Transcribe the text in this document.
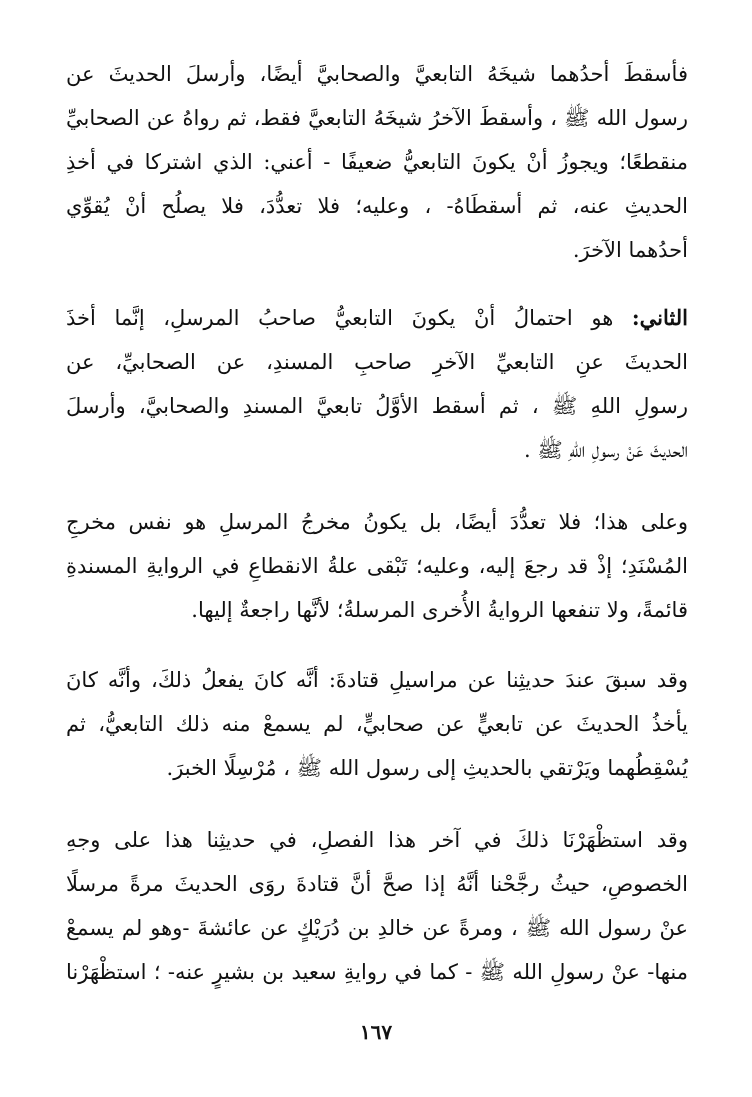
فأسقطَ أحدُهما شيخَهُ التابعيَّ والصحابيَّ أيضًا، وأرسلَ الحديثَ عن
رسول الله ﷺ ، وأسقطَ الآخرُ شيخَهُ التابعيَّ فقط، ثم رواهُ عن الصحابيِّ
منقطعًا؛ ويجوزُ أنْ يكونَ التابعيُّ ضعيفًا - أعني: الذي اشتركا في أخذِ
الحديثِ عنه، ثم أسقطَاهُ- ، وعليه؛ فلا تعدُّدَ، فلا يصلُح أنْ يُقوِّي
أحدُهما الآخرَ.
الثاني: هو احتمالُ أنْ يكونَ التابعيُّ صاحبُ المرسلِ، إنَّما أخذَ
الحديثَ عنِ التابعيِّ الآخرِ صاحبِ المسندِ، عن الصحابيِّ، عن
رسولِ اللهِ ﷺ ، ثم أسقط الأوَّلُ تابعيَّ المسندِ والصحابيَّ، وأرسلَ
الحديثَ عَنْ رسولِ اللهِ ﷺ .
وعلى هذا؛ فلا تعدُّدَ أيضًا، بل يكونُ مخرجُ المرسلِ هو نفس مخرجِ
المُسْنَدِ؛ إذْ قد رجعَ إليه، وعليه؛ تَبْقى علةُ الانقطاعِ في الروايةِ المسندةِ
قائمةً، ولا تنفعها الروايةُ الأُخرى المرسلةُ؛ لأنَّها راجعةٌ إليها.
وقد سبقَ عندَ حديثِنا عن مراسيلِ قتادةَ: أنَّه كانَ يفعلُ ذلكَ، وأنَّه كانَ
يأخذُ الحديثَ عن تابعيٍّ عن صحابيٍّ، لم يسمعْ منه ذلك التابعيُّ، ثم
يُسْقِطُهما ويَرْتقي بالحديثِ إلى رسول الله ﷺ ، مُرْسِلًا الخبرَ.
وقد استظْهَرْنَا ذلكَ في آخر هذا الفصلِ، في حديثِنا هذا على وجهِ
الخصوصِ، حيثُ رجَّحْنا أنَّهُ إذا صحَّ أنَّ قتادةَ روَى الحديثَ مرةً مرسلًا
عنْ رسول الله ﷺ ، ومرةً عن خالدِ بن دُرَيْكٍ عن عائشةَ -وهو لم يسمعْ
منها- عنْ رسولِ الله ﷺ - كما في روايةِ سعيد بن بشيرٍ عنه- ؛ استظْهَرْنا
١٦٧
